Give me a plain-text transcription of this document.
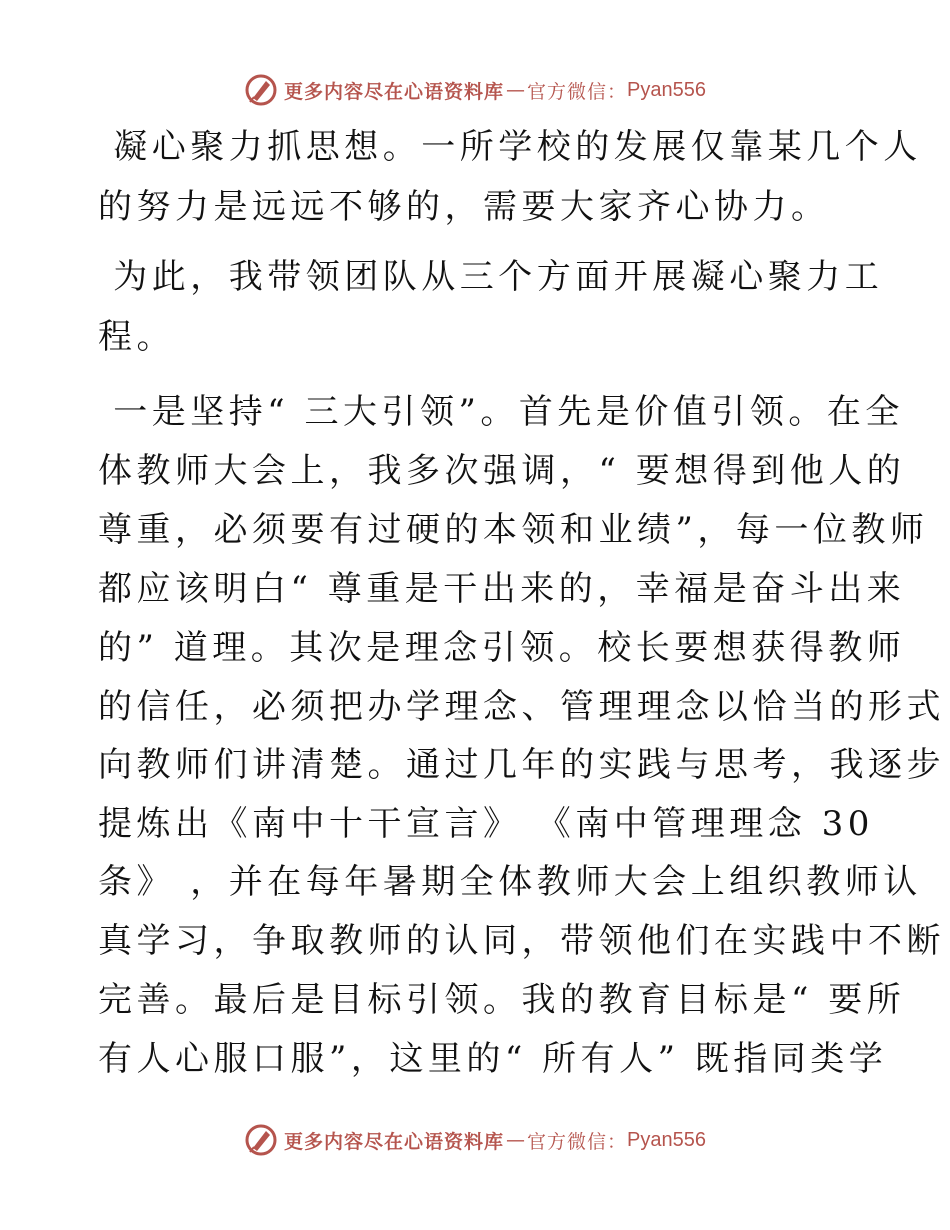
更多内容尽在心语资料库 — 官方微信： Pyan556
凝心聚力抓思想。一所学校的发展仅靠某几个人
的努力是远远不够的，需要大家齐心协力。
为此，我带领团队从三个方面开展凝心聚力工
程。
一是坚持“ 三大引领”。首先是价值引领。在全
体教师大会上，我多次强调，“ 要想得到他人的
尊重，必须要有过硬的本领和业绩”，每一位教师
都应该明白“ 尊重是干出来的，幸福是奋斗出来
的” 道理。其次是理念引领。校长要想获得教师
的信任，必须把办学理念、管理理念以恰当的形式
向教师们讲清楚。通过几年的实践与思考，我逐步
提炼出《南中十干宣言》 《南中管理理念 30
条》 ，并在每年暑期全体教师大会上组织教师认
真学习，争取教师的认同，带领他们在实践中不断
完善。最后是目标引领。我的教育目标是“ 要所
有人心服口服”，这里的“ 所有人” 既指同类学
更多内容尽在心语资料库 — 官方微信： Pyan556
